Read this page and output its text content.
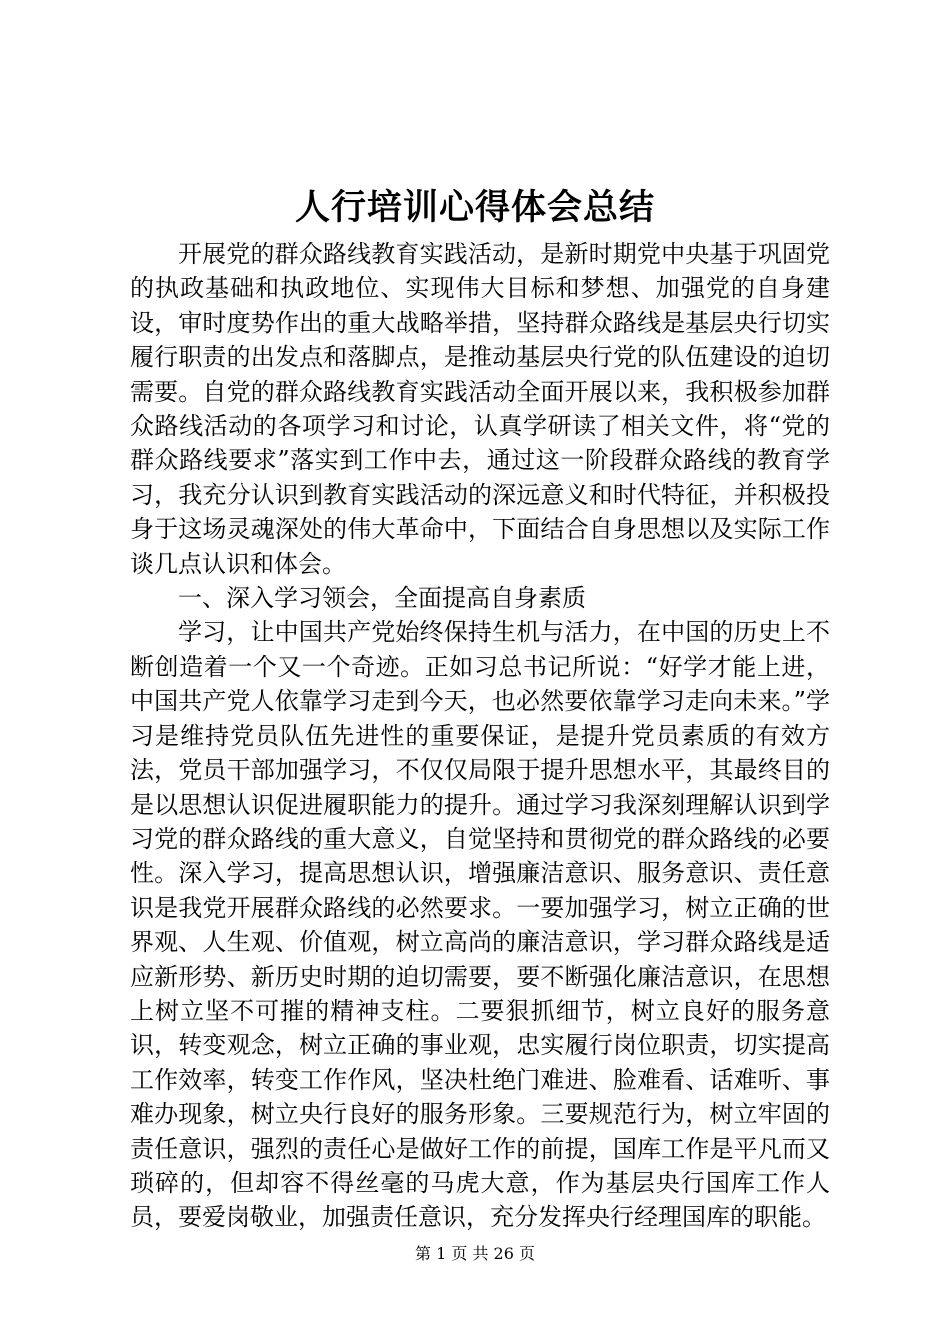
人行培训心得体会总结

开展党的群众路线教育实践活动，是新时期党中央基于巩固党的执政基础和执政地位、实现伟大目标和梦想、加强党的自身建设，审时度势作出的重大战略举措，坚持群众路线是基层央行切实履行职责的出发点和落脚点，是推动基层央行党的队伍建设的迫切需要。自党的群众路线教育实践活动全面开展以来，我积极参加群众路线活动的各项学习和讨论，认真学研读了相关文件，将“党的群众路线要求”落实到工作中去，通过这一阶段群众路线的教育学习，我充分认识到教育实践活动的深远意义和时代特征，并积极投身于这场灵魂深处的伟大革命中，下面结合自身思想以及实际工作谈几点认识和体会。

一、深入学习领会，全面提高自身素质

学习，让中国共产党始终保持生机与活力，在中国的历史上不断创造着一个又一个奇迹。正如习总书记所说：“好学才能上进，中国共产党人依靠学习走到今天，也必然要依靠学习走向未来。”学习是维持党员队伍先进性的重要保证，是提升党员素质的有效方法，党员干部加强学习，不仅仅局限于提升思想水平，其最终目的是以思想认识促进履职能力的提升。通过学习我深刻理解认识到学习党的群众路线的重大意义，自觉坚持和贯彻党的群众路线的必要性。深入学习，提高思想认识，增强廉洁意识、服务意识、责任意识是我党开展群众路线的必然要求。一要加强学习，树立正确的世界观、人生观、价值观，树立高尚的廉洁意识，学习群众路线是适应新形势、新历史时期的迫切需要，要不断强化廉洁意识，在思想上树立坚不可摧的精神支柱。二要狠抓细节，树立良好的服务意识，转变观念，树立正确的事业观，忠实履行岗位职责，切实提高工作效率，转变工作作风，坚决杜绝门难进、脸难看、话难听、事难办现象，树立央行良好的服务形象。三要规范行为，树立牢固的责任意识，强烈的责任心是做好工作的前提，国库工作是平凡而又琐碎的，但却容不得丝毫的马虎大意，作为基层央行国库工作人员，要爱岗敬业，加强责任意识，充分发挥央行经理国库的职能。

第 1 页 共 26 页
